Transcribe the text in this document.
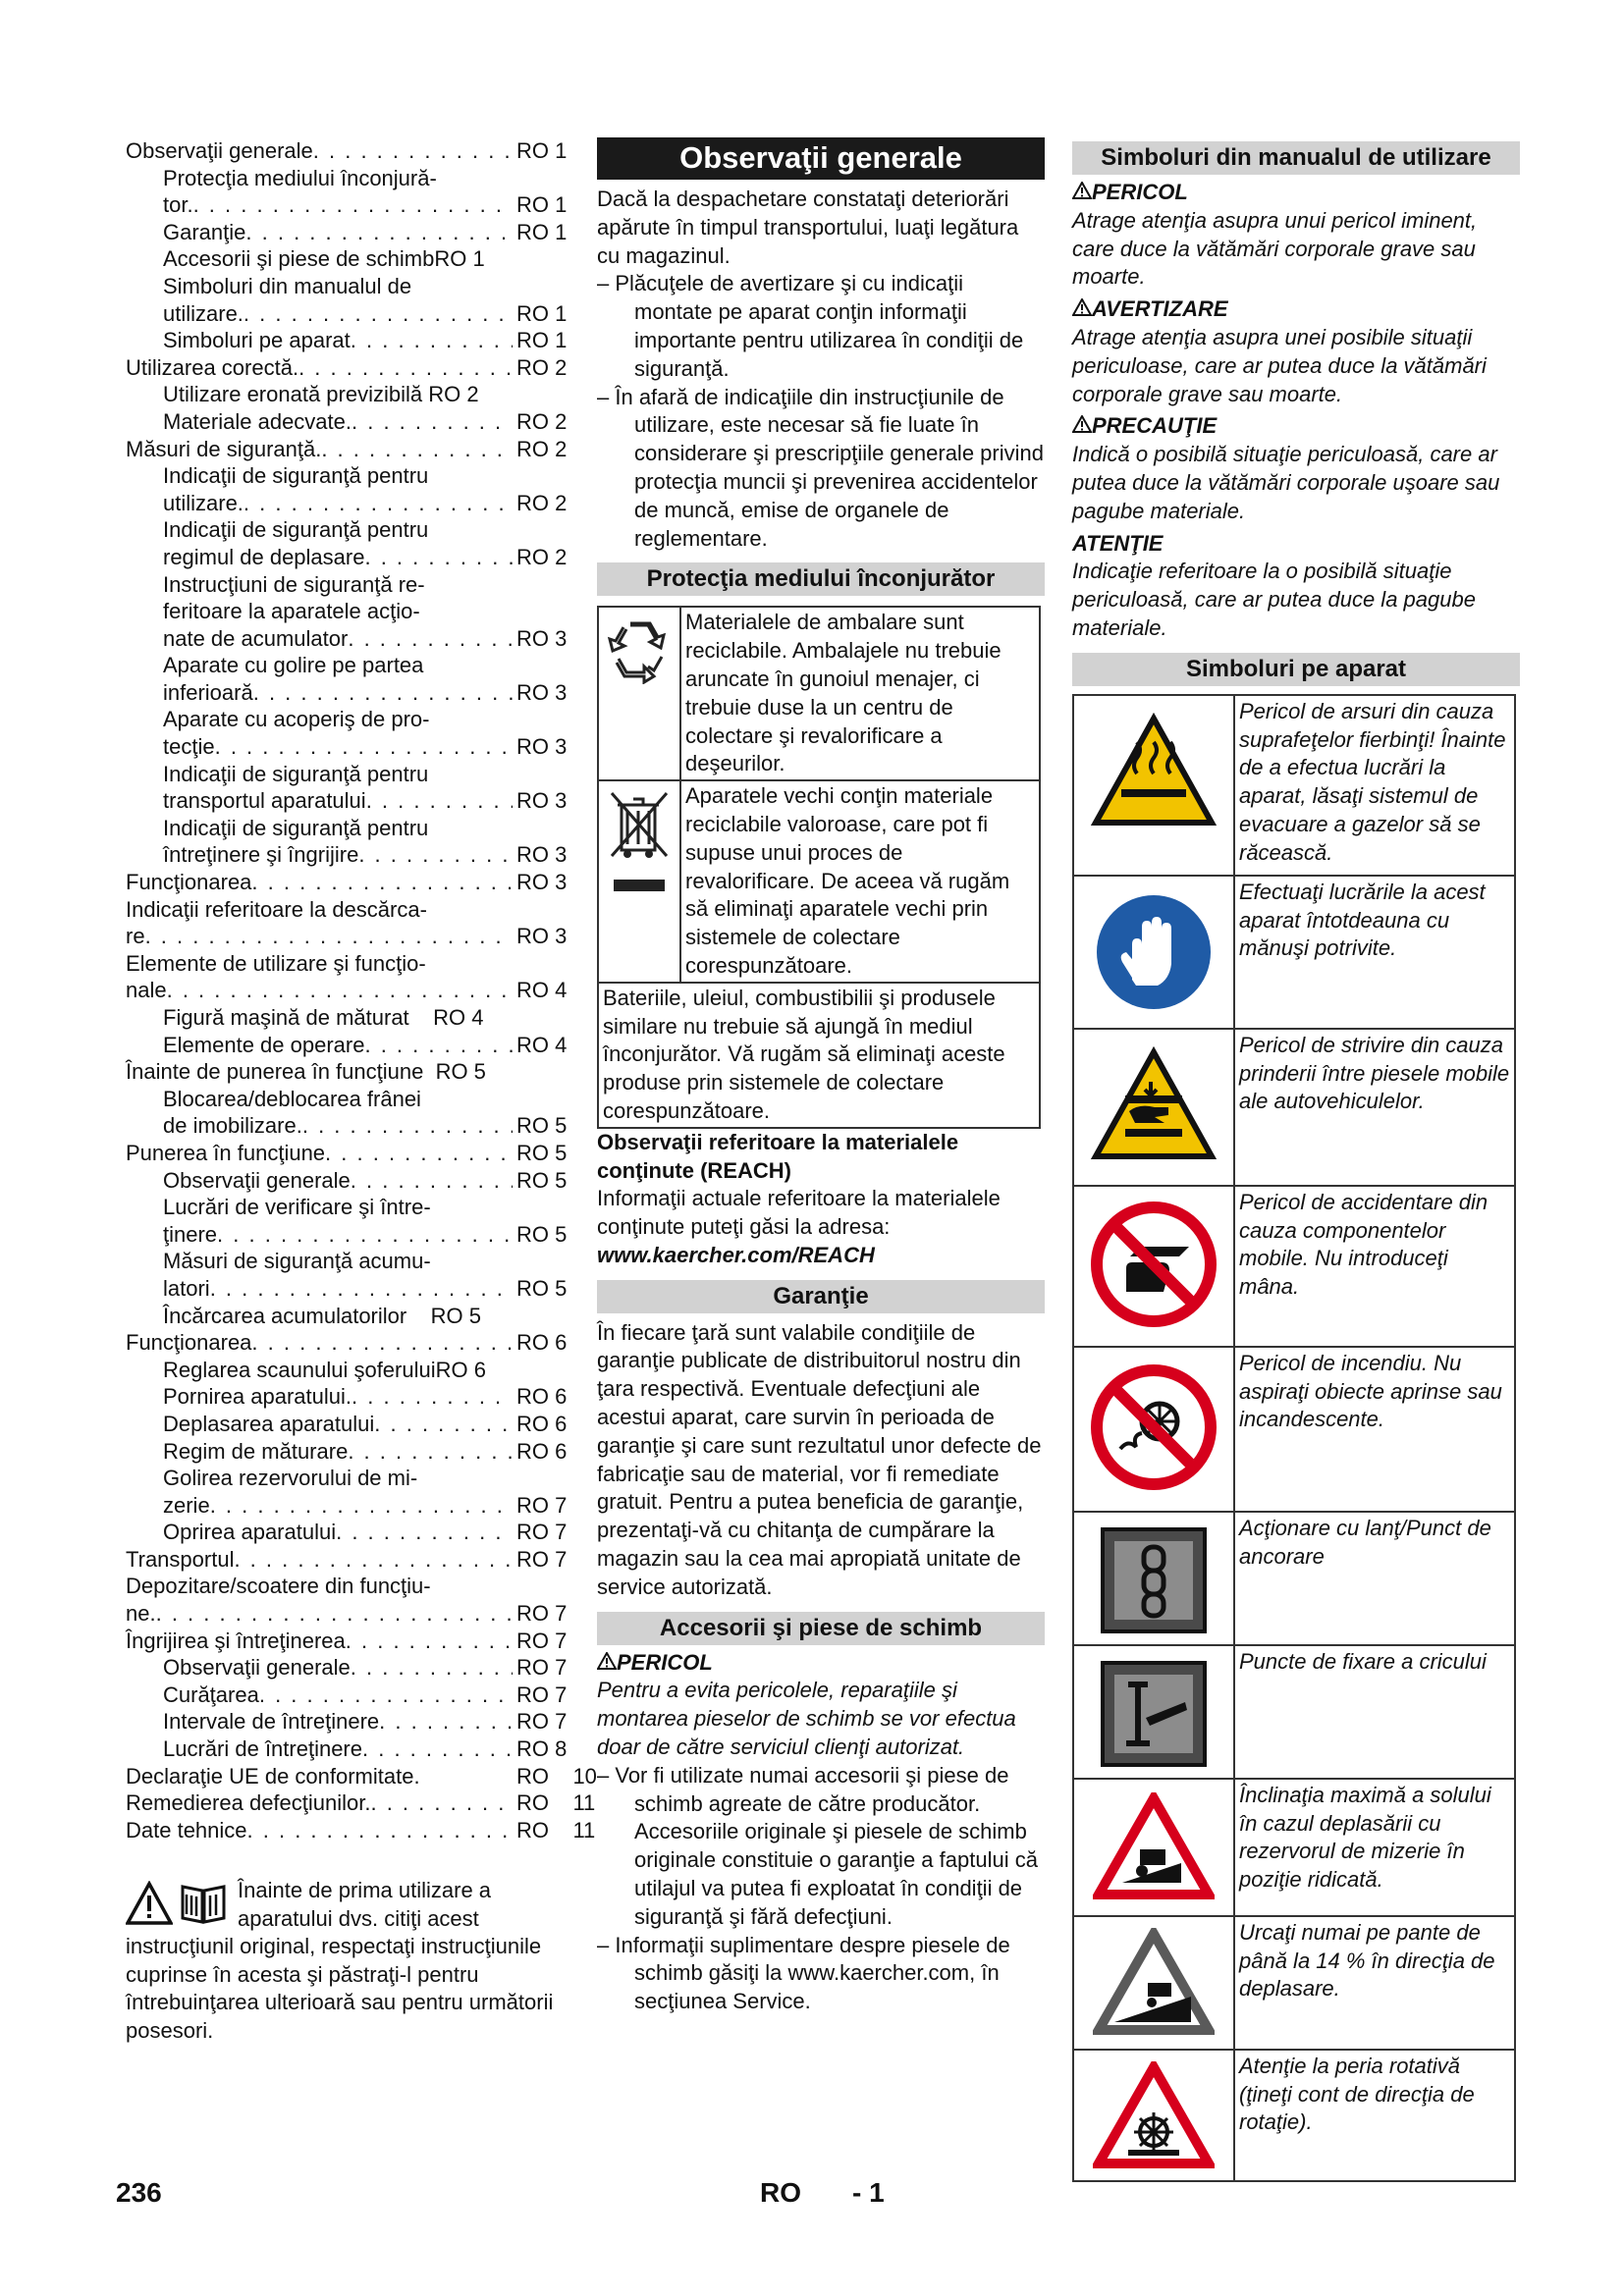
Observaţii generale . . .	RO 1
Protecţia mediului înconjură-
tor. . . .	RO 1
Garanţie . . .	RO 1
Accesorii şi piese de schimbRO 1
Simboluri din manualul de
utilizare. . . .	RO 1
Simboluri pe aparat . . .	RO 1
Utilizarea corectă. . . .	RO 2
Utilizare eronată previzibilă RO 2
Materiale adecvate. . . .	RO 2
Măsuri de siguranţă. . . .	RO 2
Indicaţii de siguranţă pentru
utilizare. . . .	RO 2
Indicaţii de siguranţă pentru
regimul de deplasare . . .	RO 2
Instrucţiuni de siguranţă re-
feritoare la aparatele acţio-
nate de acumulator . . .	RO 3
Aparate cu golire pe partea
inferioară . . .	RO 3
Aparate cu acoperiş de pro-
tecţie . . .	RO 3
Indicaţii de siguranţă pentru
transportul aparatului . . .	RO 3
Indicaţii de siguranţă pentru
întreţinere şi îngrijire . . .	RO 3
Funcţionarea . . .	RO 3
Indicaţii referitoare la descărca-
re . . .	RO 3
Elemente de utilizare şi funcţio-
nale . . .	RO 4
Figură maşină de măturat    RO 4
Elemente de operare . . .	RO 4
Înainte de punerea în funcţiune  RO 5
Blocarea/deblocarea frânei
de imobilizare. . . .	RO 5
Punerea în funcţiune . . .	RO 5
Observaţii generale . . .	RO 5
Lucrări de verificare şi între-
ţinere . . .	RO 5
Măsuri de siguranţă acumu-
latori . . .	RO 5
Încărcarea acumulatorilor    RO 5
Funcţionarea . . .	RO 6
Reglarea scaunului şoferuluiRO 6
Pornirea aparatului. . . .	RO 6
Deplasarea aparatului . . .	RO 6
Regim de măturare . . .	RO 6
Golirea rezervorului de mi-
zerie . . .	RO 7
Oprirea aparatului . . .	RO 7
Transportul . . .	RO 7
Depozitare/scoatere din funcţiu-
ne. . . .	RO 7
Îngrijirea şi întreţinerea . . .	RO 7
Observaţii generale . . .	RO 7
Curăţarea . . .	RO 7
Intervale de întreţinere . . .	RO 7
Lucrări de întreţinere . . .	RO 8
Declaraţie UE de conformitate.	RO    10
Remedierea defecţiunilor. . . .	RO    11
Date tehnice . . .	RO    11
Înainte de prima utilizare a aparatului dvs. citiţi acest instrucţiunil original, respectaţi instrucţiunile cuprinse în acesta şi păstraţi-l pentru întrebuinţarea ulterioară sau pentru următorii posesori.
Observaţii generale
Dacă la despachetare constataţi deteriorări apărute în timpul transportului, luaţi legătura cu magazinul.
– Plăcuţele de avertizare şi cu indicaţii montate pe aparat conţin informaţii importante pentru utilizarea în condiţii de siguranţă.
– În afară de indicaţiile din instrucţiunile de utilizare, este necesar să fie luate în considerare şi prescripţiile generale privind protecţia muncii şi prevenirea accidentelor de muncă, emise de organele de reglementare.
Protecţia mediului înconjurător
	Materialele de ambalare sunt reciclabile. Ambalajele nu trebuie aruncate în gunoiul menajer, ci trebuie duse la un centru de colectare şi revalorificare a deşeurilor.
	Aparatele vechi conţin materiale reciclabile valoroase, care pot fi supuse unui proces de revalorificare. De aceea vă rugăm să eliminaţi aparatele vechi prin sistemele de colectare corespunzătoare.
Bateriile, uleiul, combustibilii şi produsele similare nu trebuie să ajungă în mediul înconjurător. Vă rugăm să eliminaţi aceste produse prin sistemele de colectare corespunzătoare.	
Observaţii referitoare la materialele conţinute (REACH)
Informaţii actuale referitoare la materialele conţinute puteţi găsi la adresa:
www.kaercher.com/REACH
Garanţie
În fiecare ţară sunt valabile condiţiile de garanţie publicate de distribuitorul nostru din ţara respectivă. Eventuale defecţiuni ale acestui aparat, care survin în perioada de garanţie şi care sunt rezultatul unor defecte de fabricaţie sau de material, vor fi remediate gratuit. Pentru a putea beneficia de garanţie, prezentaţi-vă cu chitanţa de cumpărare la magazin sau la cea mai apropiată unitate de service autorizată.
Accesorii şi piese de schimb
PERICOL
Pentru a evita pericolele, reparaţiile şi montarea pieselor de schimb se vor efectua doar de către serviciul clienţi autorizat.
– Vor fi utilizate numai accesorii şi piese de schimb agreate de către producător. Accesoriile originale şi piesele de schimb originale constituie o garanţie a faptului că utilajul va putea fi exploatat în condiţii de siguranţă şi fără defecţiuni.
– Informaţii suplimentare despre piesele de schimb găsiţi la www.kaercher.com, în secţiunea Service.
Simboluri din manualul de utilizare
PERICOL
Atrage atenţia asupra unui pericol iminent, care duce la vătămări corporale grave sau moarte.
AVERTIZARE
Atrage atenţia asupra unei posibile situaţii periculoase, care ar putea duce la vătămări corporale grave sau moarte.
PRECAUŢIE
Indică o posibilă situaţie periculoasă, care ar putea duce la vătămări corporale uşoare sau pagube materiale.
ATENŢIE
Indicaţie referitoare la o posibilă situaţie periculoasă, care ar putea duce la pagube materiale.
Simboluri pe aparat
	Pericol de arsuri din cauza suprafeţelor fierbinţi! Înainte de a efectua lucrări la aparat, lăsaţi sistemul de evacuare a gazelor să se răcească.
	Efectuaţi lucrările la acest aparat întotdeauna cu mănuşi potrivite.
	Pericol de strivire din cauza prinderii între piesele mobile ale autovehiculelor.
	Pericol de accidentare din cauza componentelor mobile. Nu introduceţi mâna.
	Pericol de incendiu. Nu aspiraţi obiecte aprinse sau incandescente.
	Acţionare cu lanţ/Punct de ancorare
	Puncte de fixare a cricului
	Înclinaţia maximă a solului în cazul deplasării cu rezervorul de mizerie în poziţie ridicată.
	Urcaţi numai pe pante de până la 14 % în direcţia de deplasare.
	Atenţie la peria rotativă (ţineţi cont de direcţia de rotaţie).
236	RO - 1
